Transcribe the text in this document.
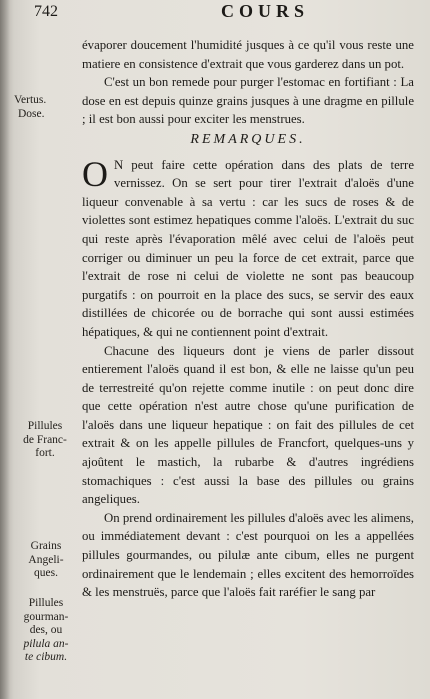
742	COURS
Vertus.
Dose.
Pillules
de Franc-
fort.
Grains
Angeli-
ques.
Pillules
gourman-
des, ou
pilula an-
te cibum.

évaporer doucement l'humidité jusques à ce qu'il vous reste une matiere en consistence d'extrait que vous garderez dans un pot.

C'est un bon remede pour purger l'estomac en fortifiant : La dose en est depuis quinze grains jusques à une dragme en pillule ; il est bon aussi pour exciter les menstrues.

REMARQUES.

O N peut faire cette opération dans des plats de terre vernissez. On se sert pour tirer l'extrait d'aloës d'une liqueur convenable à sa vertu : car les sucs de roses & de violettes sont estimez hepatiques comme l'aloës. L'extrait du suc qui reste après l'évaporation mêlé avec celui de l'aloës peut corriger ou diminuer un peu la force de cet extrait, parce que l'extrait de rose ni celui de violette ne sont pas beaucoup purgatifs : on pourroit en la place des sucs, se servir des eaux distillées de chicorée ou de borrache qui sont aussi estimées hépatiques, & qui ne contiennent point d'extrait.

Chacune des liqueurs dont je viens de parler dissout entierement l'aloës quand il est bon, & elle ne laisse qu'un peu de terrestreité qu'on rejette comme inutile : on peut donc dire que cette opération n'est autre chose qu'une purification de l'aloës dans une liqueur hepatique : on fait des pillules de cet extrait & on les appelle pillules de Francfort, quelques-uns y ajoûtent le mastich, la rubarbe & d'autres ingrédiens stomachiques : c'est aussi la base des pillules ou grains angeliques.

On prend ordinairement les pillules d'aloës avec les alimens, ou immédiatement devant : c'est pourquoi on les a appellées pillules gourmandes, ou pilulæ ante cibum, elles ne purgent ordinairement que le lendemain ; elles excitent des hemorroïdes & les menstruës, parce que l'aloës fait raréfier le sang par
